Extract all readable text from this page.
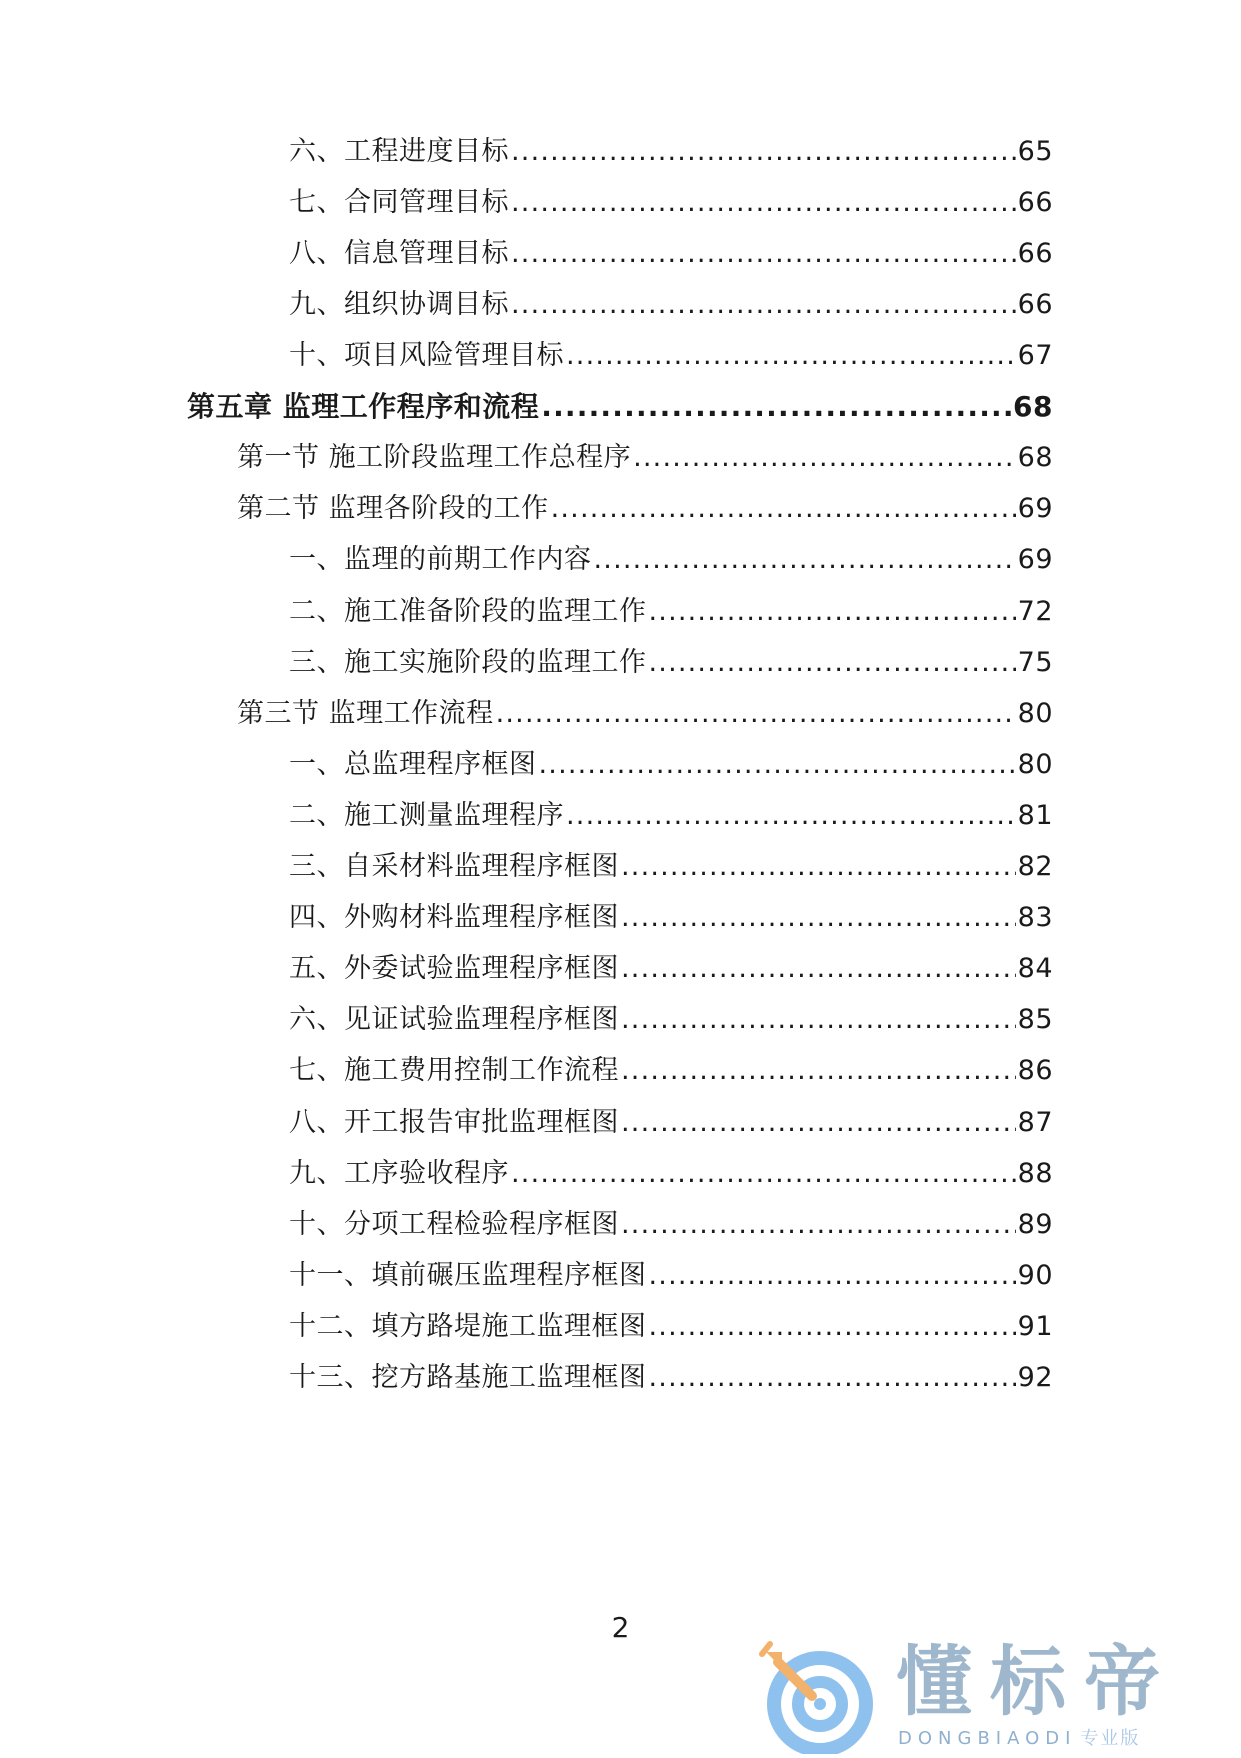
六、工程进度目标 .....	65
七、合同管理目标 .....	66
八、信息管理目标 .....	66
九、组织协调目标 .....	66
十、项目风险管理目标 .....	67
第五章 监理工作程序和流程 .....	68
第一节 施工阶段监理工作总程序 .....	68
第二节 监理各阶段的工作 .....	69
一、监理的前期工作内容 .....	69
二、施工准备阶段的监理工作 .....	72
三、施工实施阶段的监理工作 .....	75
第三节 监理工作流程 .....	80
一、总监理程序框图 .....	80
二、施工测量监理程序 .....	81
三、自采材料监理程序框图 .....	82
四、外购材料监理程序框图 .....	83
五、外委试验监理程序框图 .....	84
六、见证试验监理程序框图 .....	85
七、施工费用控制工作流程 .....	86
八、开工报告审批监理框图 .....	87
九、工序验收程序 .....	88
十、分项工程检验程序框图 .....	89
十一、填前碾压监理程序框图 .....	90
十二、填方路堤施工监理框图 .....	91
十三、挖方路基施工监理框图 .....	92
2
懂标帝
DONGBIAODI 专业版
